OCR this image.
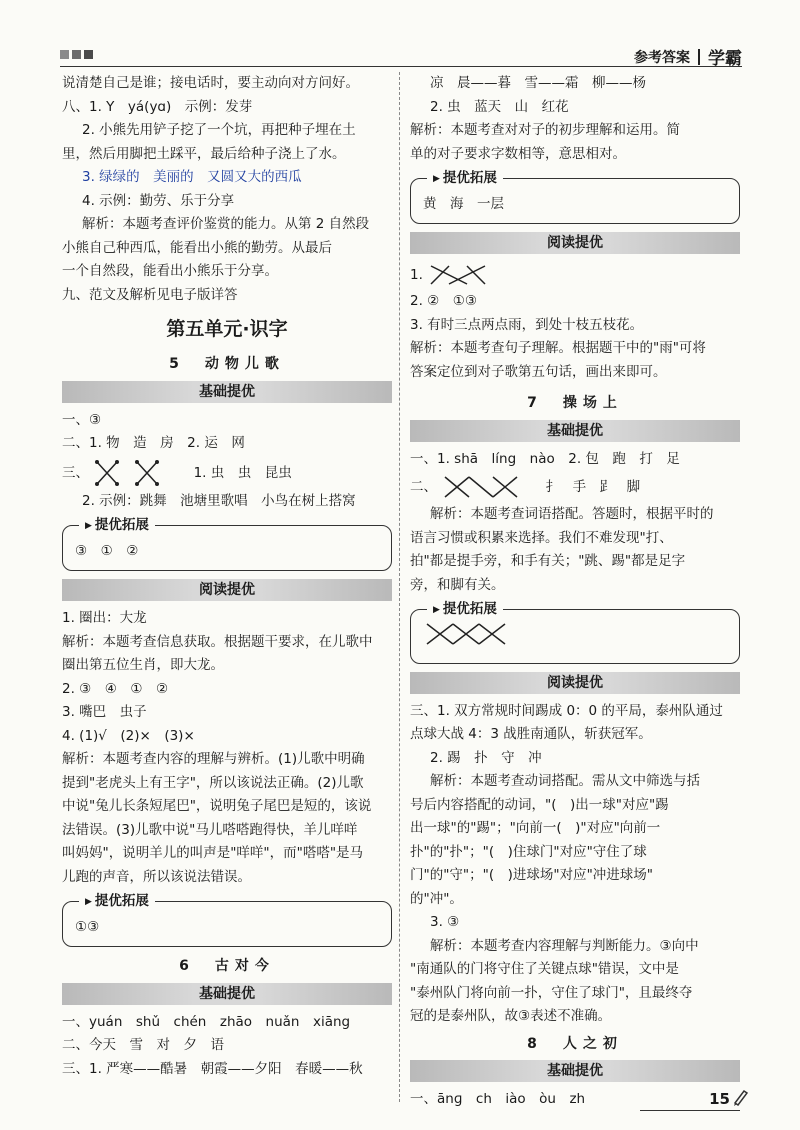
参考答案 学霸
说清楚自己是谁；接电话时，要主动向对方问好。
八、1. Y　yá(yɑ)　示例：发芽
2. 小熊先用铲子挖了一个坑，再把种子埋在土
里，然后用脚把土踩平，最后给种子浇上了水。
3. 绿绿的　美丽的　又圆又大的西瓜
4. 示例：勤劳、乐于分享
解析：本题考查评价鉴赏的能力。从第 2 自然段
小熊自己种西瓜，能看出小熊的勤劳。从最后
一个自然段，能看出小熊乐于分享。
九、范文及解析见电子版详答
第五单元·识字
5　动物儿歌
基础提优
一、③
二、1. 物　造　房　2. 运　网
三、	1. 虫　虫　昆虫
2. 示例：跳舞　池塘里歌唱　小鸟在树上搭窝
▶ 提优拓展
③　①　②
阅读提优
1. 圈出：大龙
解析：本题考查信息获取。根据题干要求，在儿歌中
圈出第五位生肖，即大龙。
2. ③　④　①　②
3. 嘴巴　虫子
4. (1)√　(2)×　(3)×
解析：本题考查内容的理解与辨析。(1)儿歌中明确
提到"老虎头上有王字"，所以该说法正确。(2)儿歌
中说"兔儿长条短尾巴"，说明兔子尾巴是短的，该说
法错误。(3)儿歌中说"马儿嗒嗒跑得快，羊儿咩咩
叫妈妈"，说明羊儿的叫声是"咩咩"，而"嗒嗒"是马
儿跑的声音，所以该说法错误。
▶ 提优拓展
①③
6　古对今
基础提优
一、yuán　shǔ　chén　zhāo　nuǎn　xiāng
二、今天　雪　对　夕　语
三、1. 严寒——酷暑　朝霞——夕阳　春暖——秋
凉　晨——暮　雪——霜　柳——杨
2. 虫　蓝天　山　红花
解析：本题考查对对子的初步理解和运用。简
单的对子要求字数相等，意思相对。
▶ 提优拓展
黄　海　一层
阅读提优
1.
2. ②　①③
3. 有时三点两点雨，到处十枝五枝花。
解析：本题考查句子理解。根据题干中的"雨"可将
答案定位到对子歌第五句话，画出来即可。
7　操场上
基础提优
一、1. shā　líng　nào　2. 包　跑　打　足
二、	扌　手　𧾷　脚
解析：本题考查词语搭配。答题时，根据平时的
语言习惯或积累来选择。我们不难发现"打、
拍"都是提手旁，和手有关；"跳、踢"都是足字
旁，和脚有关。
▶ 提优拓展
阅读提优
三、1. 双方常规时间踢成 0：0 的平局，泰州队通过
点球大战 4：3 战胜南通队，斩获冠军。
2. 踢　扑　守　冲
解析：本题考查动词搭配。需从文中筛选与括
号后内容搭配的动词，"(　)出一球"对应"踢
出一球"的"踢"；"向前一(　)"对应"向前一
扑"的"扑"；"(　)住球门"对应"守住了球
门"的"守"；"(　)进球场"对应"冲进球场"
的"冲"。
3. ③
解析：本题考查内容理解与判断能力。③向中
"南通队的门将守住了关键点球"错误，文中是
"泰州队门将向前一扑，守住了球门"，且最终夺
冠的是泰州队，故③表述不准确。
8　人之初
基础提优
一、ānɡ　ch　iào　òu　zh	15
